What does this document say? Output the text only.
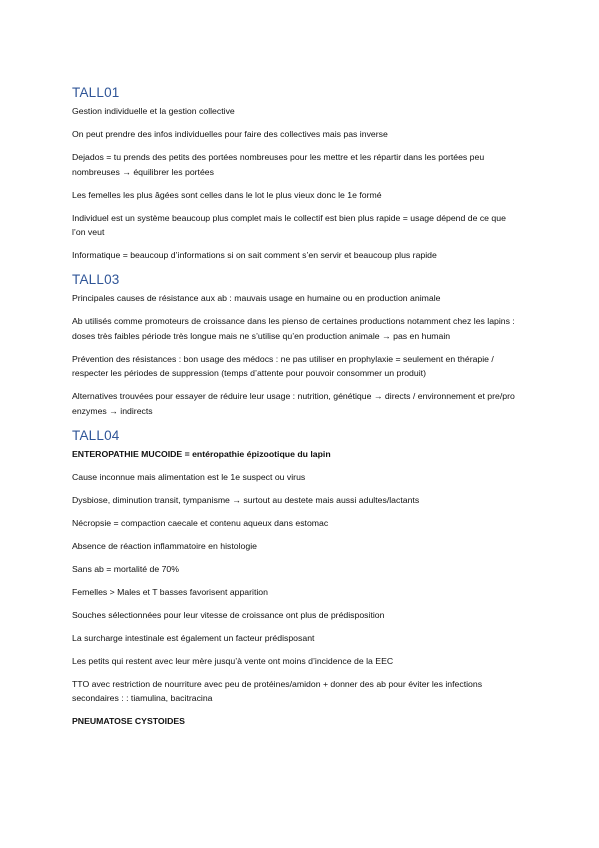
TALL01

Gestion individuelle et la gestion collective

On peut prendre des infos individuelles pour faire des collectives mais pas inverse

Dejados = tu prends des petits des portées nombreuses pour les mettre et les répartir dans les portées peu nombreuses → équilibrer les portées

Les femelles les plus âgées sont celles dans le lot le plus vieux donc le 1e formé

Individuel est un système beaucoup plus complet mais le collectif est bien plus rapide = usage dépend de ce que l’on veut

Informatique = beaucoup d’informations si on sait comment s’en servir et beaucoup plus rapide

TALL03

Principales causes de résistance aux ab : mauvais usage en humaine ou en production animale

Ab utilisés comme promoteurs de croissance dans les pienso de certaines productions notamment chez les lapins : doses très faibles période très longue mais ne s’utilise qu’en production animale → pas en humain

Prévention des résistances : bon usage des médocs : ne pas utiliser en prophylaxie = seulement en thérapie / respecter les périodes de suppression (temps d’attente pour pouvoir consommer un produit)

Alternatives trouvées pour essayer de réduire leur usage : nutrition, génétique → directs / environnement et pre/pro enzymes → indirects

TALL04

ENTEROPATHIE MUCOIDE = entéropathie épizootique du lapin

Cause inconnue mais alimentation est le 1e suspect ou virus

Dysbiose, diminution transit, tympanisme → surtout au destete mais aussi adultes/lactants

Nécropsie = compaction caecale et contenu aqueux dans estomac

Absence de réaction inflammatoire en histologie

Sans ab = mortalité de 70%

Femelles > Males et T basses favorisent apparition

Souches sélectionnées pour leur vitesse de croissance ont plus de prédisposition

La surcharge intestinale est également un facteur prédisposant

Les petits qui restent avec leur mère jusqu’à vente ont moins d’incidence de la EEC

TTO avec restriction de nourriture avec peu de protéines/amidon + donner des ab pour éviter les infections secondaires : : tiamulina, bacitracina

PNEUMATOSE CYSTOIDES
